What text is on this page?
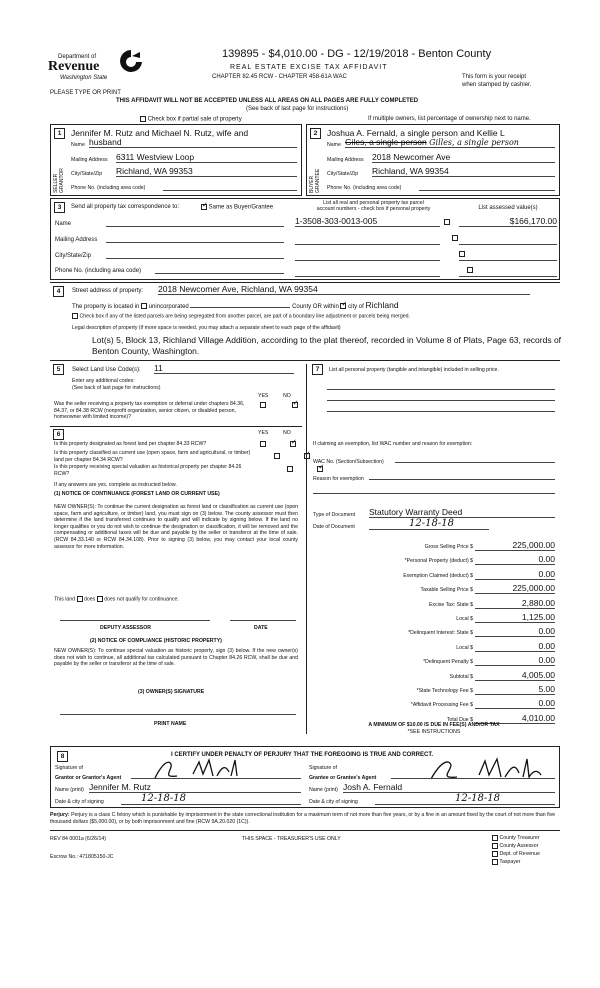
Department of
Revenue
Washington State
PLEASE TYPE OR PRINT
139895 - $4,010.00 - DG - 12/19/2018 - Benton County
REAL ESTATE EXCISE TAX AFFIDAVIT
CHAPTER 82.45 RCW - CHAPTER 458-61A WAC	This form is your receipt
when stamped by cashier.
THIS AFFIDAVIT WILL NOT BE ACCEPTED UNLESS ALL AREAS ON ALL PAGES ARE FULLY COMPLETED
(See back of last page for instructions)
Check box if partial sale of property	If multiple owners, list percentage of ownership next to name.
1	Jennifer M. Rutz and Michael N. Rutz, wife and
Name husband
SELLER GRANTOR
Mailing Address 6311 Westview Loop
City/State/Zip Richland, WA 99353
Phone No. (including area code)
2	Joshua A. Fernald, a single person and Kellie L
Name Giles, a single person Gilles, a single person
BUYER GRANTEE
Mailing Address 2018 Newcomer Ave
City/State/Zip Richland, WA 99354
Phone No. (including area code)
3	Send all property tax correspondence to: ✓	Same as Buyer/Grantee
Name
Mailing Address
City/State/Zip
Phone No. (including area code)
List all real and personal property tax parcel
account numbers - check box if personal property	List assessed value(s)
1-3508-303-0013-005
	$166,170.00

4	Street address of property: 2018 Newcomer Ave, Richland, WA 99354
The property is located in unincorporated	County OR within ✓ city of Richland
Check box if any of the listed parcels are being segregated from another parcel, are part of a boundary line adjustment or parcels being merged.
Legal description of property (if more space is needed, you may attach a separate sheet to each page of the affidavit)
Lot(s) 5, Block 13, Richland Village Addition, according to the plat thereof, recorded in Volume 8 of Plats, Page 63, records of Benton County, Washington.
5	Select Land Use Code(s): 11
Enter any additional codes:
(See back of last page for instructions)
YES	NO
Was the seller receiving a property tax exemption or deferral under chapters 84.36, 84.37, or 84.38 RCW (nonprofit organization, senior citizen, or disabled person, homeowner with limited income)?
✓
6	YES	NO
Is this property designated as forest land per chapter 84.33 RCW?
✓
Is this property classified as current use (open space, farm and agricultural, or timber) land per chapter 84.34 RCW?
✓
Is this property receiving special valuation as historical property per chapter 84.26 RCW?
✓
If any answers are yes, complete as instructed below.
(1) NOTICE OF CONTINUANCE (FOREST LAND OR CURRENT USE)
NEW OWNER(S): To continue the current designation as forest land or classification as current use (open space, farm and agriculture, or timber) land, you must sign on (3) below. The county assessor must then determine if the land transferred continues to qualify and will indicate by signing below. If the land no longer qualifies or you do not wish to continue the designation or classification, it will be removed and the compensating or additional taxes will be due and payable by the seller or transferor at the time of sale. (RCW 84.33.140 or RCW 84.34.108). Prior to signing (3) below, you may contact your local county assessor for more information.
This land does does not qualify for continuance.
DEPUTY ASSESSOR	DATE
(2) NOTICE OF COMPLIANCE (HISTORIC PROPERTY)
NEW OWNER(S): To continue special valuation as historic property, sign (3) below. If the new owner(s) does not wish to continue, all additional tax calculated pursuant to Chapter 84.26 RCW, shall be due and payable by the seller or transferor at the time of sale.
(3) OWNER(S) SIGNATURE
PRINT NAME
7	List all personal property (tangible and intangible) included in selling price.
If claiming an exemption, list WAC number and reason for exemption:
WAC No. (Section/Subsection)
Reason for exemption
Type of Document Statutory Warranty Deed
Date of Document	12-18-18
Gross Selling Price $	225,000.00
*Personal Property (deduct) $	0.00
Exemption Claimed (deduct) $	0.00
Taxable Selling Price $	225,000.00
Excise Tax: State $	2,880.00
Local $	1,125.00
*Delinquent Interest: State $	0.00
Local $	0.00
*Delinquent Penalty $	0.00
Subtotal $	4,005.00
*State Technology Fee $	5.00
*Affidavit Processing Fee $	0.00
Total Due $	4,010.00
A MINIMUM OF $10.00 IS DUE IN FEE(S) AND/OR TAX
*SEE INSTRUCTIONS
8	I CERTIFY UNDER PENALTY OF PERJURY THAT THE FOREGOING IS TRUE AND CORRECT.
Signature of
Grantor or Grantor's Agent
Name (print) Jennifer M. Rutz
Date & city of signing	12-18-18
Signature of
Grantee or Grantee's Agent
Name (print) Josh A. Fernald
Date & city of signing	12-18-18
Perjury: Perjury is a class C felony which is punishable by imprisonment in the state correctional institution for a maximum term of not more than five years, or by a fine in an amount fixed by the court of not more than five thousand dollars ($5,000.00), or by both imprisonment and fine (RCW 9A.20.020 (1C)).
REV 84 0001a (6/26/14)	THIS SPACE - TREASURER'S USE ONLY
Escrow No.: 471805150-JC
County Treasurer
County Assessor
Dept. of Revenue
Taxpayer
